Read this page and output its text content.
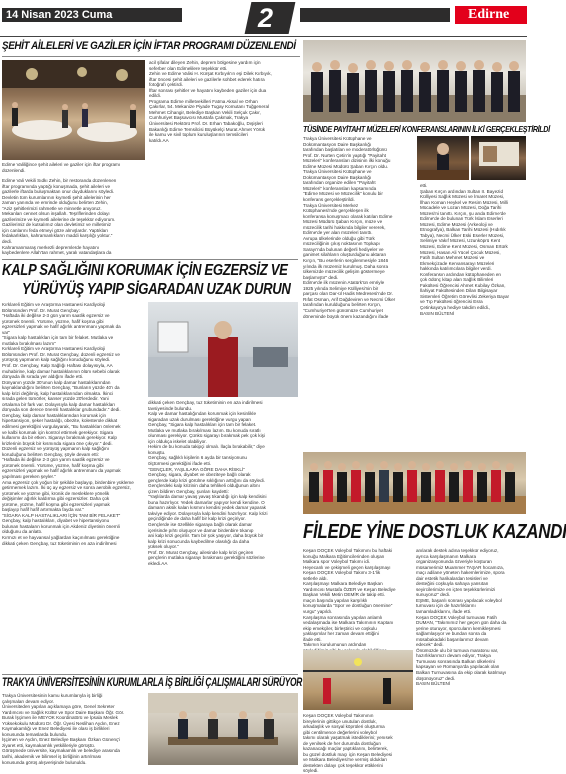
14 Nisan 2023 Cuma	2	Edirne
ŞEHİT AİLELERİ VE GAZİLER İÇİN İFTAR PROGRAMI DÜZENLENDİ
Edirne Valiliğince şehit aileleri ve gaziler için iftar programı
düzenlendi.

Edirne Vali Vekili Sıdkı Zehin, bir restoranda düzenlenen

iftar programında yaptığı konuşmada, şehit aileleri ve

gazilerle iftarda buluşmaktan onur duyduklarını söyledi.

Devletin tüm kurumlarının kıymetli şehit ailelerinin her

zaman yanında ve emrinde olduğunu belirten Zehin,

"Aziz şehitlerimizi rahmetle ve minnetle anıyoruz.

Mekanları cennet olsun inşallah. Teşriflerinden dolayı

gazilerimize ve kıymetli ailelerine de teşekkür ediyorum.

Gazilerimiz de kutsalımız olan devletimiz ve milletimiz

için canlarını feda etmeyi göze almışlardır. Yaptıkları

fedakarlıkları, kahramanlıkların maddi karşılığı yoktur."

dedi.

Kahramanmaraş merkezli depremlerde hayatını

kaybedenlere Allah'tan rahmet, yaralı vatandaşlara da

acil şifalar dileyen Zehin, deprem bölgesine yardım için

seferber olan Edirnelilere teşekkür etti.

Zehin ve Edirne Valisi H. Kürşat Kırbıyık'ın eşi Dilek Kırbıyık,

iftar öncesi şehit aileleri ve gazilerle sohbet ederek hatıra

fotoğrafı çektirdi.

İftar sonrası şehitler ve hayatını kaybeden gaziler için dua

edildi.

Programa Edirne milletvekilleri Fatma Aksal ve Orhan

Çakırlar, 54. Mekanize Piyade Tugay Komutanı Tuğgeneral

Mehmet Cihangir, Belediye Başkan Vekili Selçuk Çakır,

Cumhuriyet Başsavcısı Mustafa Çakmak, Trakya

Üniversitesi Rektörü Prof. Dr. Erhan Tabakoğlu, Dışişleri

Bakanlığı Edirne Temsilcisi Büyükelçi Murat Ahmet Yörük

ile kamu ve sivil toplum kuruluşlarının temsilcileri

katıldı.AA

TÜSİNDE PAYİTAHT MÜZELERİ KONFERANSLARININ İLKİ GERÇEKLEŞTİRİLDİ

Trakya Üniversitesi Kütüphane ve

Dokümantasyon Daire Başkanlığı

tarafından başlatılan ve moderatörlüğünü

Prof. Dr. Nurten Çetin'in yaptığı "Payitaht

Müzeleri" konferansları dizisinin ilki konuğu

Edirne Müzesi Müdürü Şaban Kırçın oldu.

Trakya Üniversitesi Kütüphane ve

Dokümantasyon Daire Başkanlığı

tarafından organize edilen "Payitaht

Müzeleri" konferansları kapsamında

"Edirne Müzesi ve Müzecilik" konulu bir

konferans gerçekleştirildi.

Trakya Üniversitesi Merkez

Kütüphanesi'nde gerçekleşen ilk

konferansa konuşmacı olarak katılan Edirne

Müzesi Müdürü Şaban Kırçın, müze ve

müzecilik tarihi hakkında bilgiler vererek,

Edirne'de yer alan müzeleri tanıttı.

Avrupa ülkelerinde olduğu gibi Türk

müzeciliğinin çıkış noktasının Topkapı

Sarayı'nda bulunan değerli hediyeler ve

ganimet silahların oluşturduğunu aktaran

Kırçın, "Bu eserlerin sergilenmesiyle 1846

yılında ilk müzemiz kurulmuş. Daha sonra

ülkemizde müzecilik gelişim göstermeye

başlamıştır" dedi.

Edirne'de ilk müzenin Atatürk'ün emriyle

1925 yılında Selimiye Külliyesi'nin bir

parçası olan Dar-ül Hadis Medresesi'nde Dr.

Rıfat Osman, Arif Dağdeviren ve Necmi Ülker

tarafından kurulduğunu belirten Kırçın,

"Cumhuriyet'ten günümüze Cumhuriyet

döneminde büyük önem kazandığını ifade

etti.

Şaban Kırçın ardından Sultan II. Bayezid

Külliyesi Sağlık Müzesi ve İmaret Müzesi,

İlhan Koman Heykel ve Resim Müzesi, Milli

Mücadele ve Lozan Müzesi, Doğa Tarihi

Müzesi'ni tanıttı. Kırçın, şu anda Edirne'de

Edirne'de de bulunan Türk İslam Eserleri

Müzesi, Edirne Müzesi (Arkeoloji ve

Etnografya), Balkan Tarihi Müzesi (Hıdırlık

Tabya), Necmi Ülker Eski Eserler Müzesi,

Selimiye Vakıf Müzesi, Uzunköprü Kent

Müzesi, Edirne Kent Müzesi, Osman Ertürk

Müzesi, Hasan Ali Yücel Çocuk Müzesi,

Fatih Sultan Mehmet Müzesi ve

Ekmekçizade Kervansarayı Müzeleri

hakkında katılımcılara bilgiler verdi.

Konferansın ardından kütüphaneden en

çok ödünç kitap alan Sağlık Bilimleri

Fakültesi Öğrencisi Ahmet Kubilay Özkan,

İlahiyat Fakültesinden Dilan Bilgisayar

Sistemleri Öğretim Görevlisi Zekeriya Bayar

ve Tıp Fakültesi öğrencisi Esra

Çetinkaya'ya hediye takdim edildi.,

BASIN BÜLTENİ

KALP SAĞLIĞINI KORUMAK İÇİN EGZERSİZ VE
YÜRÜYÜŞ YAPIP SİGARADAN UZAK DURUN

Kırklareli Eğitim ve Araştırma Hastanesi Kardiyoloji

Bölümünden Prof. Dr. Murat Gençbay:

"Haftada iki değilse 2-3 gün yarım saatlik egzersiz ve

yürümek önemli. Yürüme, yüzme, hafif koşma gibi

egzersizleri yapmak ve hafif ağırlık antrenmanı yapmak da

var"

"Sigara kalp hastalıkları için tam bir felaket. Mutlaka ve

mutlaka bırakılması lazım"

Kırklareli Eğitim ve Araştırma Hastanesi Kardiyoloji

Bölümünden Prof. Dr. Murat Gençbay, düzenli egzersiz ve

yürüyüş yapmanın kalp sağlığını koruduğunu söyledi.

Prof. Dr. Gençbay, Kalp Sağlığı Haftası dolayısıyla, AA

muhabirine, kalp damar hastalıklarının ölüm sebebi olarak

dünyada ilk sırada yer aldığını ifade etti.

Dünyanın yüzde 30'unun kalp damar hastalıklarından

kaynaklandığını belirten Gençbay, "Bunların yüzde 40'ı da

kalp krizi değilmiş, kalp hastalıklarından olmakta. İkinci

sırada gelen tümörler, kanser yüzde 20'lerdedir. Yani

ortalama bir fark var. Dolayısıyla kalp damar hastalıkları

dünyada son derece önemli hastalıklar grubundadır." dedi.

Gençbay, kalp damar hastalıklarından korumak için

hipertansiyon, şeker hastalığı, obezite, kolesterole dikkat

edilmesi gerektiğini vurgulayarak, "Bu hastalıkları önlemek

ve kalbi korumak için kontrol ettirmek gerekiyor. Sigara

kullanımı da bir etken. Sigarayı bırakmak gerekiyor. Kalp

krizlerinin büyük bir kısmında sigara öne çıkıyor." dedi.

Düzenli egzersiz ve yürüyüş yapmanın kalp sağlığını

koruduğunu belirten Gençbay, şöyle devam etti:

"Haftada iki değilse 2-3 gün yarım saatlik egzersiz ve

yürümek önemli. Yürüme, yüzme, hafif koşma gibi

egzersizleri yapmak ve hafif ağırlık antrenmanı da yapmak

yapılması gereken şeyler."

Ama egzersiz çok yoğun bir şekilde başlayıp, birdenbire yükleme

getirmemek lazım. İki üç ay egzersiz ve sonra aerobik egzersiz,

yürümek ve yüzme gibi, kronik de mesleklere yönelik

değişimler ağırlık kaldırma gibi egzersizler. Daha çok

yürüme, yüzme, hafif koşma gibi egzersizleri yapmak

başlayıp hafif hafif artırmakta fayda var."

"SİGARA KALP HASTALIKLARI İÇİN TAM BİR FELAKET"

Gençbay, kalp hastalıkları, diyabet ve hipertansiyonu

bulunan hastaların korunmak için Akdeniz diyetinin önemli

olduğunu da anlattı.

Kırmızı et ve hayvansal yağlardan kaçınılması gerektiğine

dikkati çeken Gençbay, tuz tüketiminin en aza indirilmesi

dikkati çeken Gençbay, tuz tüketiminin en aza indirilmesi

tavsiyesinde bulundu.

Kalp ve damar hastalığından korunmak için kesinlikle

sigaradan uzak durulması gerektiğine vurgu yapan

Gençbay, "Sigara kalp hastalıkları için tam bir felaket.

Mutlaka ve mutlaka bırakılması lazım. Bu konuda sıratlı

olunması gerekiyor. Çünkü sigarayı bırakmak pek çok kişi

için oldukça iskelet olabiliyor.

Hekim de bu konuda takipçi olmalı. İlaçla bırakabilir," diye

konuştu.

Gençbay, sağlıklı kişilerin 6 ayda bir tansiyonunu

ölçtürmesi gerektiğini ifade etti.

"GENÇLER, YAŞLILARA GÖRE DAHA RİSKLİ"

Gençbay, sigara, diyabet ve obeziteye bağlı olarak

gençlerde kalp krizi görülme sıklığının arttığını da söyledi.

Gençlerdeki kalp krizinin daha tehlikeli olduğunun altını

çizen bildiren Gençbay, şunları kaydetti:

"Yaşlılarda damar yavaş yavaş tıkandığı için kalp kendisini

buna hazırlıyor. Yedek damarlar yapıyor kendi kendine. O

damarın aksik kalan kısmını kendisi yedek damar yaparak

takviye ediyor. Dolayısıyla kalp kendini hazırlıyor. Kalp krizi

geçirdiğinde de daha hafif bir kalp krizi geçiriyor.

Gençlerde ise özellikle sigaraya bağlı olarak damar

içerisinde pıhtı oluşuyor ve damar birdenbire tıkanıp

ani kalp krizi geçirilir. Tam bir şok yaşıyor, daha büyük bir

kalp krizi sonucunda kaybedilme olasılığı da daha

yüksek oluyor."

Prof. Dr. Murat Gençbay, ailesinde kalp krizi geçiren

gençlerin mutlaka sigarayı bırakması gerektiğini sözlerine

ekledi.AA

FİLEDE YİNE DOSTLUK KAZANDI

Keşan DOÇEK Voleybol Takımını bu haftaki

konuğu Malkara Eğitimcilerinden oluşan

Malkara spor Voleybol Takımı idi.

Heyecanlı ve çekişmeli geçen karşılaşmayı

Keşan DOÇEK Voleybol Takımı 3-1'lik

setlerle aldı.

Karşılaşmayı Malkara Belediye Başkan

Yardımcısı Mustafa ÖZER ve Keşan Belediye

Başkan Vekili Metin DEMİR de takip etti.

maçın başında yapılan karşılıklı

konuşmalarda "Spor ve dostluğun önemine"

vurgu" yapıldı.

Karşılaşma sonrasında yapılan anlamlı

vedalaşmada ise Malkara Takımının Kaptanı

ekip emekçiler, birleştirici ve coşkulu

yaklaşımlar her zaman devam ettiğini

ifade etti.

Takımın kurulumunun ardından

Keşan DOÇEK Voleybol Takımının

bireylerinin gittikçe unutulan dostluk,

arkadaşlık ve sosyal köprüleri oluşturma

gibi centilmence değerlerini voleybol

takımı olarak yaşatmak istediklerini; yenısek

de yenilsek de her durumda dostluğun

kazanacağı maçlar yaptıklarını, belirterek,

bu güzel dostluk maçı için Keşan Belediyesi

ve Malkara Belediyesi'ne vermiş oldukları

destekten dolayı çok teşekkür ettiklerini

söyledi.

anılarak destek adına teşekkür ediyoruz,

ayrıca karşılaşmanın Malkara

organizasyonunda özveriyle koşturan

müsamerimiz Muammer TAŞAR hocamıza,

maçı adilane yöneten hakemlerimize, spora

dair estetik harikalardan tesisleri ve

desteğini coşkuyla sahaya yansıtan

seyircilerimize en içten teşekkürlerimizi

sunuyoruz" dedi.

EŞME, başarılı sonrası yapılacak voleybol

turnuvası için de hazırlıklarını

tamamladıklarını, ifade etti.

Keşan DOÇEK Voleybol turnuvası Fatih

DUMAN, "Takımımız her geçen gün daha da

yerine oturuyor, sporcuların kemikleşmesi

sağlamlaşıyor ve bundan sonra da

müsabakadaki başarılarımız devam

edecek" dedi.

Önümüzde ulu bir turnuva maratonu var,

hazırlıklarımızı devam ediyor, Trakya

Turnuvası sonrasında Balkan ülkelerini

kapsayan ve Romanya'da yapılacak olan

Balkan Turnuvasına da ekip olarak katılmayı

düşünüyoruz" dedi.

BASIN BÜLTENİ

TRAKYA ÜNİVERSİTESİNİN KURUMLARLA İŞ BİRLİĞİ ÇALIŞMALARI SÜRÜYOR

Trakya Üniversitesinin kamu kurumlarıyla iş birliği

çalışmaları devam ediyor.

Üniversiteden yapılan açıklamaya göre, Genel Sekreter

Yardımcısı ve Sağlık Kültür ve Spor Daire Başkanı Öğr. Gör.

Burak İşçimen ile MEYOK Koordinatörü ve İpsala Meslek

Yüksekokulu Müdürü Dr. Öğr. Üyesi Neslihan Aydın, Enez

Kaymakamlığı ve Enez Belediyesi ile olası iş birlikleri

konusunda temaslarda bulundu.

İşçimen ve Aydın, Enez Belediye Başkanı Özkan Günenç'i

ziyaret etti, kaymakamlık yetkilileriyle görüştü.

Görüşmede üniversite, kaymakamlık ve belediye arasında

tarihi, akademik ve bilimsel iş birliğinin artırılması

konusunda görüş alışverişinde bulunuldu.
